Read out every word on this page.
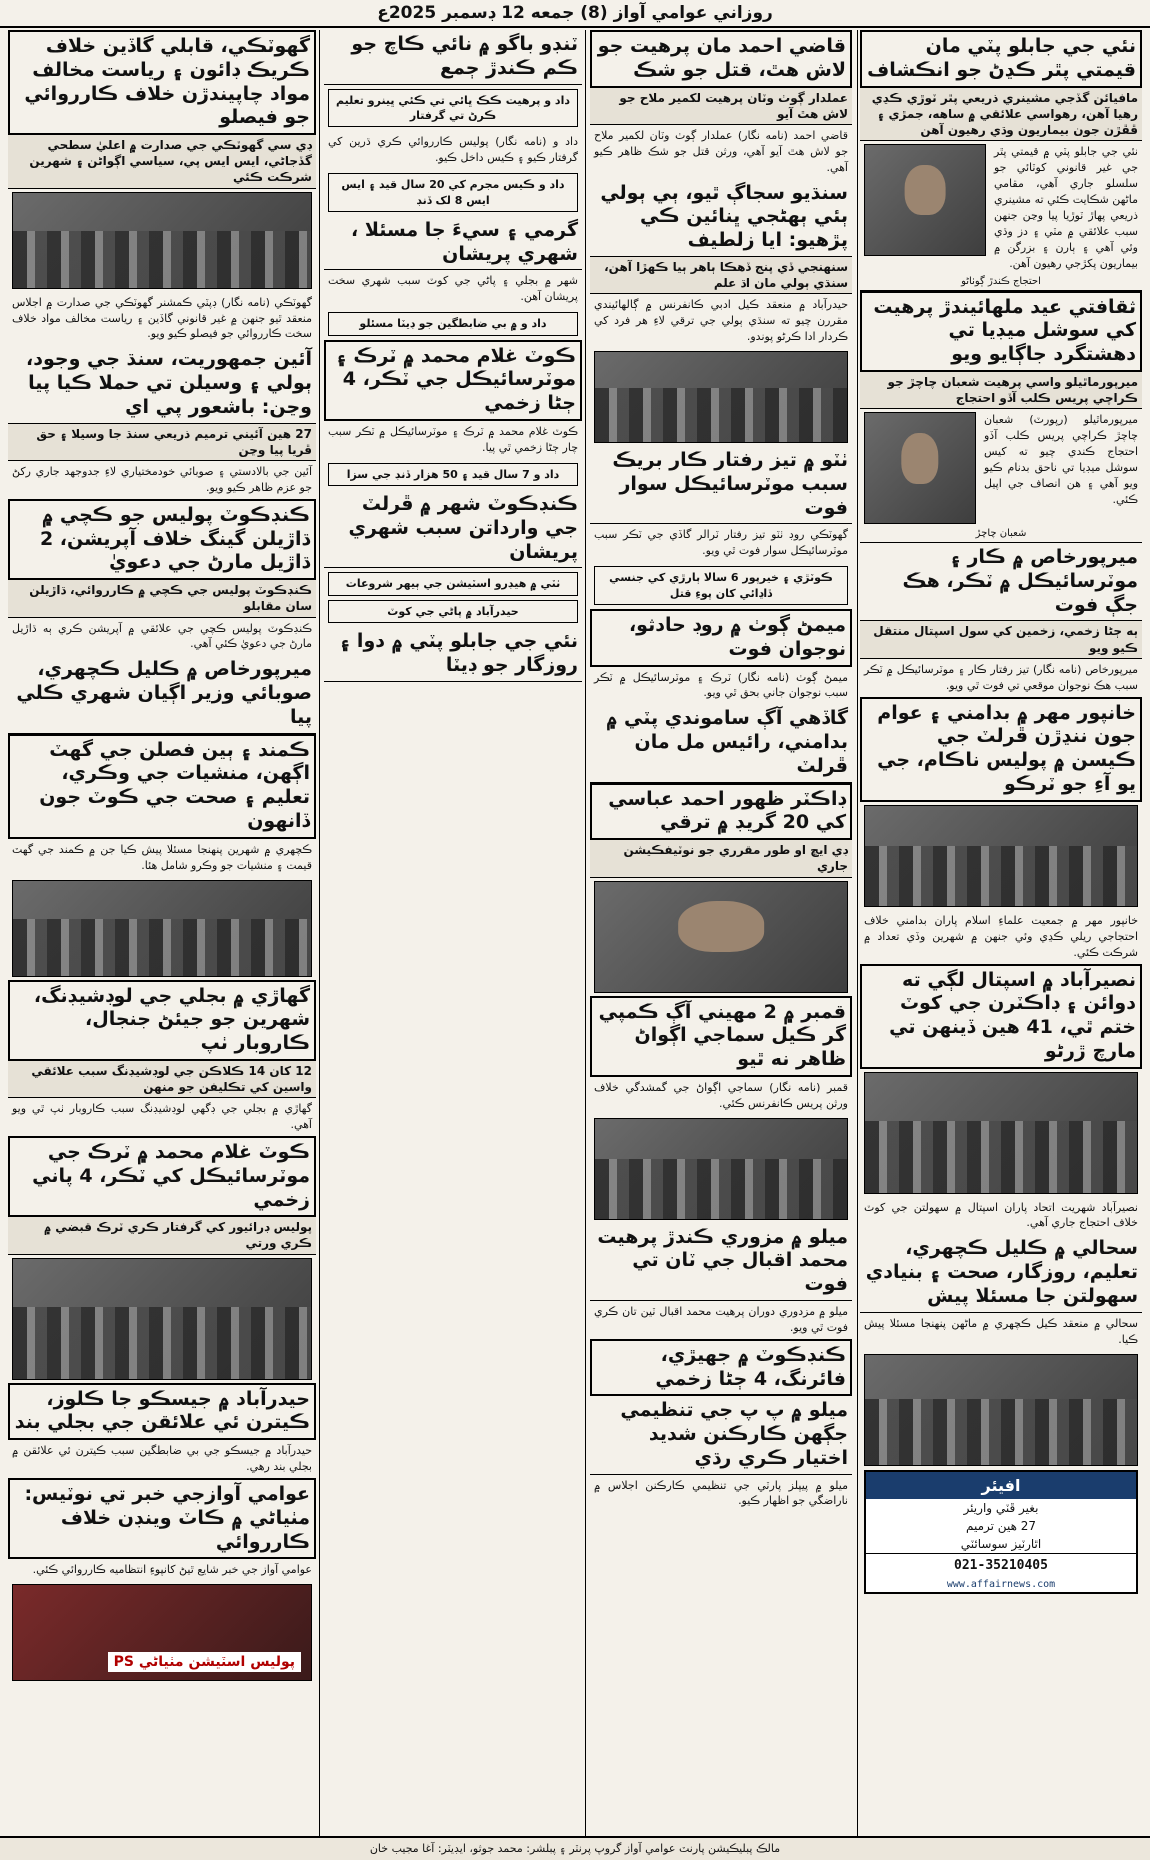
روزاني عوامي آواز (8) جمعه 12 ڊسمبر 2025ع
نئي جي جابلو پٽي مان قيمتي پٿر ڪڍڻ جو انڪشاف
مافيائن گڏجي مشينري ذريعي پٿر ٽوڙي ڪڍي رهيا آهن، رهواسي علائقي ۾ ساهه، جمڙي ۽ ڦڦڙن جون بيماريون وڌي رهيون آهن
نئي جي جابلو پٽي ۾ قيمتي پٿر جي غير قانوني کوٽائي جو سلسلو جاري آهي، مقامي ماڻهن شڪايت ڪئي ته مشينري ذريعي پهاڙ ٽوڙيا پيا وڃن جنهن سبب علائقي ۾ مٽي ۽ دز وڌي وئي آهي ۽ ٻارن ۽ بزرگن ۾ بيماريون پکڙجي رهيون آهن.
احتجاج ڪندڙ ڳوٺاڻو
ثقافتي عيد ملهائيندڙ پرهيت کي سوشل ميڊيا تي دهشتگرد جاڳايو ويو
ميرپورماٿيلو واسي پرهيت شعبان چاچڙ جو ڪراچي پريس ڪلب آڏو احتجاج
ميرپورماٿيلو (رپورٽ) شعبان چاچڙ ڪراچي پريس ڪلب آڏو احتجاج ڪندي چيو ته کيس سوشل ميڊيا تي ناحق بدنام ڪيو ويو آهي ۽ هن انصاف جي اپيل ڪئي.
شعبان چاچڙ
ميرپورخاص ۾ ڪار ۽ موٽرسائيڪل ۾ ٽڪر، هڪ جڳ فوت
ٻه ڄڻا زخمي، زخمين کي سول اسپتال منتقل ڪيو ويو
ميرپورخاص (نامه نگار) تيز رفتار ڪار ۽ موٽرسائيڪل ۾ ٽڪر سبب هڪ نوجوان موقعي تي فوت ٿي ويو.
خانپور مهر ۾ بدامني ۽ عوام جون ننڍڙن ڦرلٽ جي ڪيسن ۾ پوليس ناڪام، جي يو آءِ جو ٽرڪو
خانپور مهر ۾ جمعيت علماءِ اسلام پاران بدامني خلاف احتجاجي ريلي ڪڍي وئي جنهن ۾ شهرين وڏي تعداد ۾ شرڪت ڪئي.
نصيرآباد ۾ اسپتال لڳي ته دوائن ۽ ڊاڪٽرن جي کوٽ ختم ٿي، 41 هين ڏينهن تي مارچ ڙرڻو
نصيرآباد شهريت اتحاد پاران اسپتال ۾ سهولتن جي کوٽ خلاف احتجاج جاري آهي.
سحالي ۾ ڪليل ڪچهري، تعليم، روزگار، صحت ۽ بنيادي سهولتن جا مسئلا پيش
سحالي ۾ منعقد ڪيل ڪچهري ۾ ماڻهن پنهنجا مسئلا پيش ڪيا.
افيئر
بغير ڦٽي واريئر
27 هين ترميم
اٿارٽيز سوسائٽي
021-35210405
www.affairnews.com
قاضي احمد مان پرهيت جو لاش هٿ، قتل جو شڪ
عملدار ڳوٺ وٽان پرهيت لکمير ملاح جو لاش هٿ آيو
قاضي احمد (نامه نگار) عملدار ڳوٺ وٽان لکمير ملاح جو لاش هٿ آيو آهي، ورثن قتل جو شڪ ظاهر ڪيو آهي.
سنڌيو سجاڳ ٿيو، ٻي ٻولي ٻئي ٻهڻجي ڀنائين ڪي پڙهيو: ايا زلطيف
سنهنجي ڏي پنج ڏهڪا ٻاهر ٻيا ڪهڙا آهن، سنڌي ٻولي مان اڌ علم
حيدرآباد ۾ منعقد ڪيل ادبي ڪانفرنس ۾ ڳالهائيندي مقررن چيو ته سنڌي ٻولي جي ترقي لاءِ هر فرد کي ڪردار ادا ڪرڻو پوندو.
ٺٽو ۾ تيز رفتار ڪار بريڪ سبب موٽرسائيڪل سوار فوت
گهوٽڪي روڊ ٺٽو تيز رفتار ٽرالر گاڏي جي ٽڪر سبب موٽرسائيڪل سوار فوت ٿي ويو.
ڪوٽڙي ۽ خيرپور 6 سالا ٻارڙي کي جنسي ڏاڍائي کان پوءِ قتل
ميمڻ ڳوٺ ۾ روڊ حادثو، نوجوان فوت
ميمڻ ڳوٺ (نامه نگار) ٽرڪ ۽ موٽرسائيڪل ۾ ٽڪر سبب نوجوان جاني بحق ٿي ويو.
گاڏهي آڳ ساموندي پٽي ۾ بدامني، رائيس مل مان ڦرلٽ
ڊاڪٽر ظهور احمد عباسي کي 20 گريڊ ۾ ترقي
ڊي ايڇ او طور مقرري جو نوٽيفڪيشن جاري
قمبر ۾ 2 مهيني آڳ ڪمپي گر ڪيل سماجي اڳواڻ ظاهر نه ٿيو
قمبر (نامه نگار) سماجي اڳواڻ جي گمشدگي خلاف ورثن پريس ڪانفرنس ڪئي.
ميلو ۾ مزوري ڪندڙ پرهيت محمد اقبال جي ٽان تي فوت
ميلو ۾ مزدوري دوران پرهيت محمد اقبال ٽين تان ڪري فوت ٿي ويو.
ڪنڊڪوٽ ۾ جهيڙي، فائرنگ، 4 ڄڻا زخمي
ميلو ۾ پ پ جي تنظيمي جڳهن ڪارڪنن شديد اختيار ڪري رڌي
ميلو ۾ پيپلز پارٽي جي تنظيمي ڪارڪنن اجلاس ۾ ناراضگي جو اظهار ڪيو.
ٽنڊو باگو ۾ نائي ڪاچ جو ڪم ڪندڙ ڄمع
داد و پرهيت ڪڪ ڀائي تي ڪئي ڀينرو تعليم ڪرڻ تي گرفتار
داد و (نامه نگار) پوليس ڪارروائي ڪري ڌرين کي گرفتار ڪيو ۽ ڪيس داخل ڪيو.
داد و ڪيس مجرم کي 20 سال قيد ۽ ايس ايس 8 لک ڏنڊ
گرمي ۽ سيءَ جا مسئلا ، شهري پريشان
شهر ۾ بجلي ۽ پاڻي جي کوٽ سبب شهري سخت پريشان آهن.
داد و ۾ بي ضابطگين جو ڊيٽا مسئلو
ڪوٽ غلام محمد ۾ ٽرڪ ۽ موٽرسائيڪل جي ٽڪر، 4 ڄڻا زخمي
ڪوٽ غلام محمد ۾ ٽرڪ ۽ موٽرسائيڪل ۾ ٽڪر سبب چار ڄڻا زخمي ٿي پيا.
داد و 7 سال قيد ۽ 50 هزار ڏنڊ جي سزا
ڪنڊڪوٽ شهر ۾ ڦرلٽ جي وارداتن سبب شهري پريشان
ٺٽي ۾ هيڊرو اسٽيشن جي ٻيهر شروعات
حيدرآباد ۾ پاڻي جي کوٽ
نئي جي جابلو پٽي ۾ دوا ۽ روزگار جو ڊيٽا
گهوٽڪي، قابلي گاڏين خلاف ڪريڪ ڊائون ۽ رياست مخالف مواد چاپيندڙن خلاف ڪارروائي جو فيصلو
ڊي سي گهوٽڪي جي صدارت ۾ اعليٰ سطحي گڏجاڻي، ايس ايس پي، سياسي اڳواڻن ۽ شهرين شرڪت ڪئي
گهوٽڪي (نامه نگار) ڊپٽي ڪمشنر گهوٽڪي جي صدارت ۾ اجلاس منعقد ٿيو جنهن ۾ غير قانوني گاڏين ۽ رياست مخالف مواد خلاف سخت ڪارروائي جو فيصلو ڪيو ويو.
آئين جمهوريت، سنڌ جي وجود، ٻولي ۽ وسيلن تي حملا ڪيا پيا وڃن: باشعور پي اي
27 هين آئيني ترميم ذريعي سنڌ جا وسيلا ۽ حق ڦريا پيا وڃن
آئين جي بالادستي ۽ صوبائي خودمختياري لاءِ جدوجهد جاري رکڻ جو عزم ظاهر ڪيو ويو.
ڪنڊڪوٽ پوليس جو ڪچي ۾ ڌاڙيلن گينگ خلاف آپريشن، 2 ڌاڙيل مارڻ جي دعويٰ
ڪنڊڪوٽ پوليس جي ڪچي ۾ ڪارروائي، ڌاڙيلن سان مقابلو
ڪنڊڪوٽ پوليس ڪچي جي علائقي ۾ آپريشن ڪري ٻه ڌاڙيل مارڻ جي دعويٰ ڪئي آهي.
ميرپورخاص ۾ ڪليل ڪچهري، صوبائي وزير اڳيان شهري ڪلي پيا
ڪمند ۽ ٻين فصلن جي گهٽ اڳهن، منشيات جي وڪري، تعليم ۽ صحت جي ڪوٽ جون ڏانهون
ڪچهري ۾ شهرين پنهنجا مسئلا پيش ڪيا جن ۾ ڪمند جي گهٽ قيمت ۽ منشيات جو وڪرو شامل هئا.
گهاڙي ۾ بجلي جي لوڊشيڊنگ، شهرين جو جيئڻ جنجال، ڪاروبار ٺپ
12 کان 14 ڪلاڪن جي لوڊشيڊنگ سبب علائقي واسين کي تڪليفن جو منهن
گهاڙي ۾ بجلي جي ڊگهي لوڊشيڊنگ سبب ڪاروبار ٺپ ٿي ويو آهي.
ڪوٽ غلام محمد ۾ ٽرڪ جي موٽرسائيڪل کي ٽڪر، 4 پاني زخمي
پوليس ڊرائيور کي گرفتار ڪري ٽرڪ قبضي ۾ ڪري ورتي
حيدرآباد ۾ جيسڪو جا ڪلوز، ڪيترن ئي علائقن جي بجلي بند
حيدرآباد ۾ جيسڪو جي بي ضابطگين سبب ڪيترن ئي علائقن ۾ بجلي بند رهي.
عوامي آوازجي خبر تي نوٽيس: مٺياڻي ۾ ڪاٽ وينڊن خلاف ڪارروائي
عوامي آواز جي خبر شايع ٿيڻ کانپوءِ انتظاميه ڪارروائي ڪئي.
پوليس اسٽيشن مٺياڻي PS
مالڪ پبليڪيشن پارنٽ عوامي آواز گروپ پرنٽر ۽ پبلشر: محمد جوثو، ايڊيٽر: آغا مجيب خان
